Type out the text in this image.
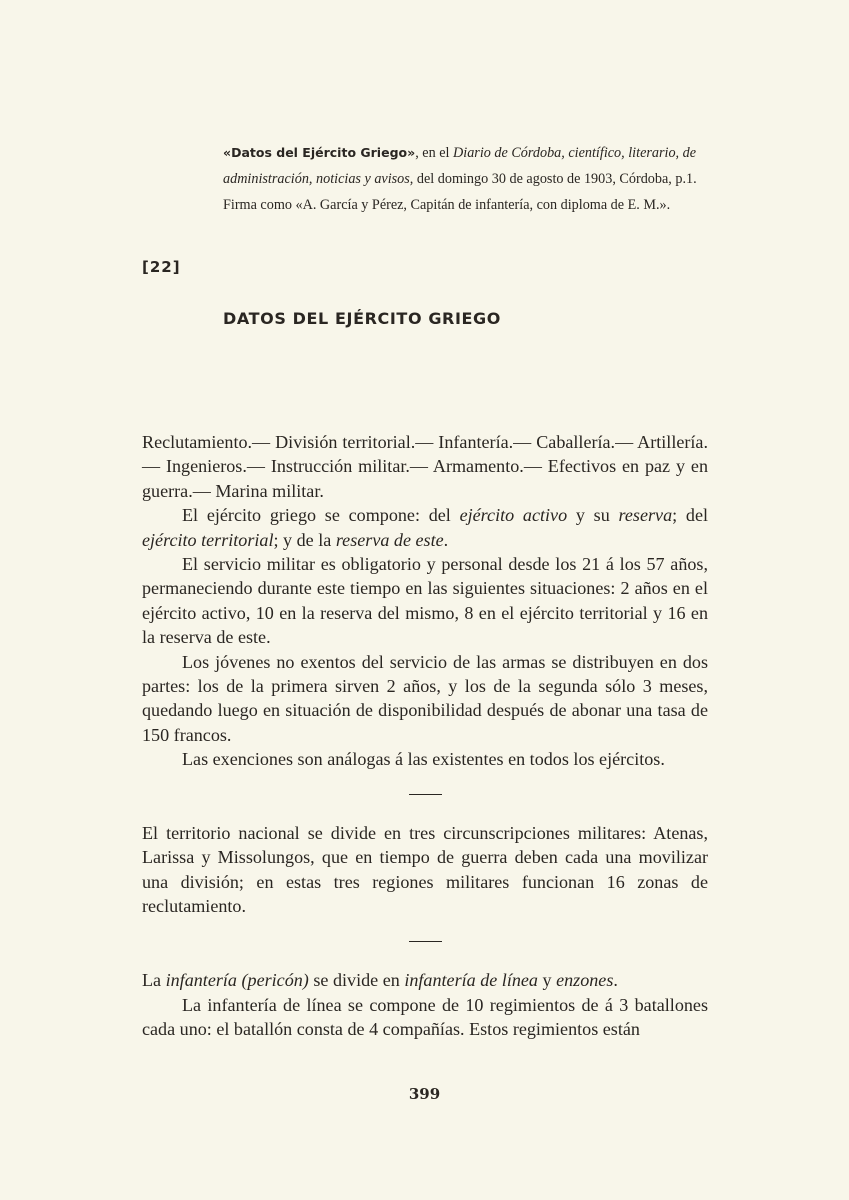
«Datos del Ejército Griego», en el Diario de Córdoba, científico, literario, de administración, noticias y avisos, del domingo 30 de agosto de 1903, Córdoba, p.1. Firma como «A. García y Pérez, Capitán de infantería, con diploma de E. M.».
[22]
DATOS DEL EJÉRCITO GRIEGO

Reclutamiento.— División territorial.— Infantería.— Caballería.— Artillería.— Ingenieros.— Instrucción militar.— Armamento.— Efectivos en paz y en guerra.— Marina militar.

El ejército griego se compone: del ejército activo y su reserva; del ejército territorial; y de la reserva de este.

El servicio militar es obligatorio y personal desde los 21 á los 57 años, permaneciendo durante este tiempo en las siguientes situaciones: 2 años en el ejército activo, 10 en la reserva del mismo, 8 en el ejército territorial y 16 en la reserva de este.

Los jóvenes no exentos del servicio de las armas se distribuyen en dos partes: los de la primera sirven 2 años, y los de la segunda sólo 3 meses, quedando luego en situación de disponibilidad después de abonar una tasa de 150 francos.

Las exenciones son análogas á las existentes en todos los ejércitos.

El territorio nacional se divide en tres circunscripciones militares: Atenas, Larissa y Missolungos, que en tiempo de guerra deben cada una movilizar una división; en estas tres regiones militares funcionan 16 zonas de reclutamiento.

La infantería (pericón) se divide en infantería de línea y enzones.

La infantería de línea se compone de 10 regimientos de á 3 batallones cada uno: el batallón consta de 4 compañías. Estos regimientos están

399
